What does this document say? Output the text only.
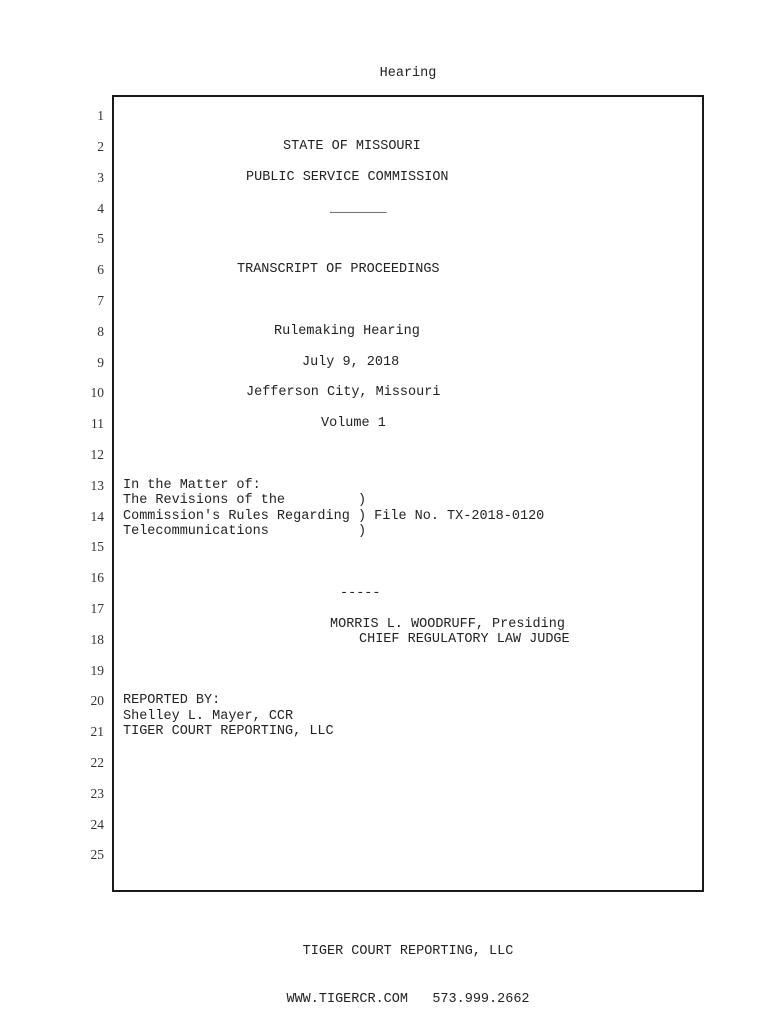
Hearing
1
2
3
4
5
6
7
8
9
10
11
12
13
14
15
16
17
18
19
20
21
22
23
24
25
STATE OF MISSOURI
PUBLIC SERVICE COMMISSION
_______
TRANSCRIPT OF PROCEEDINGS
Rulemaking Hearing
July 9, 2018
Jefferson City, Missouri
Volume 1
In the Matter of:
The Revisions of the         )
Commission's Rules Regarding ) File No. TX-2018-0120
Telecommunications           )
-----
MORRIS L. WOODRUFF, Presiding
CHIEF REGULATORY LAW JUDGE
REPORTED BY:
Shelley L. Mayer, CCR
TIGER COURT REPORTING, LLC

TIGER COURT REPORTING, LLC

WWW.TIGERCR.COM 573.999.2662
